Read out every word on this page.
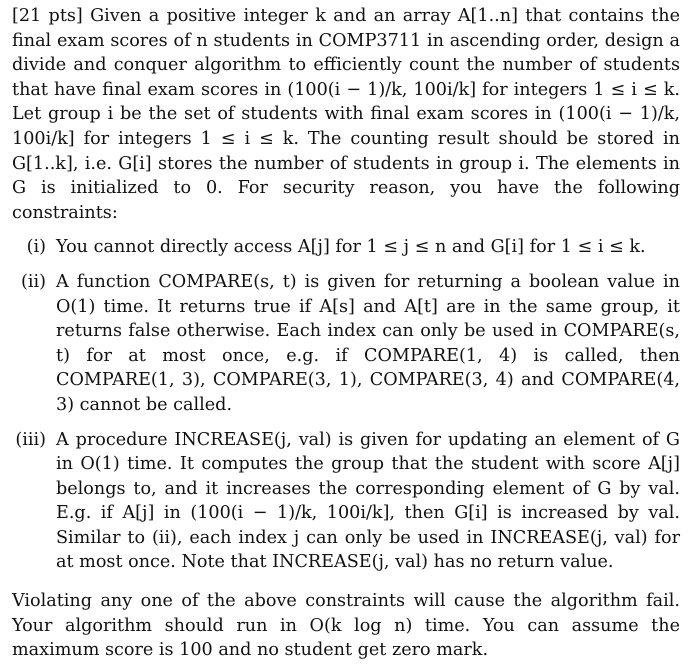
[21 pts] Given a positive integer k and an array A[1..n] that contains the final exam scores of n students in COMP3711 in ascending order, design a divide and conquer algorithm to efficiently count the number of students that have final exam scores in (100(i − 1)/k, 100i/k] for integers 1 ≤ i ≤ k. Let group i be the set of students with final exam scores in (100(i − 1)/k, 100i/k] for integers 1 ≤ i ≤ k. The counting result should be stored in G[1..k], i.e. G[i] stores the number of students in group i. The elements in G is initialized to 0. For security reason, you have the following constraints:

(i) You cannot directly access A[j] for 1 ≤ j ≤ n and G[i] for 1 ≤ i ≤ k.
(ii) A function COMPARE(s, t) is given for returning a boolean value in O(1) time. It returns true if A[s] and A[t] are in the same group, it returns false otherwise. Each index can only be used in COMPARE(s, t) for at most once, e.g. if COMPARE(1, 4) is called, then COMPARE(1, 3), COMPARE(3, 1), COMPARE(3, 4) and COMPARE(4, 3) cannot be called.
(iii) A procedure INCREASE(j, val) is given for updating an element of G in O(1) time. It computes the group that the student with score A[j] belongs to, and it increases the corresponding element of G by val. E.g. if A[j] in (100(i − 1)/k, 100i/k], then G[i] is increased by val. Similar to (ii), each index j can only be used in INCREASE(j, val) for at most once. Note that INCREASE(j, val) has no return value.

Violating any one of the above constraints will cause the algorithm fail. Your algorithm should run in O(k log n) time. You can assume the maximum score is 100 and no student get zero mark.
